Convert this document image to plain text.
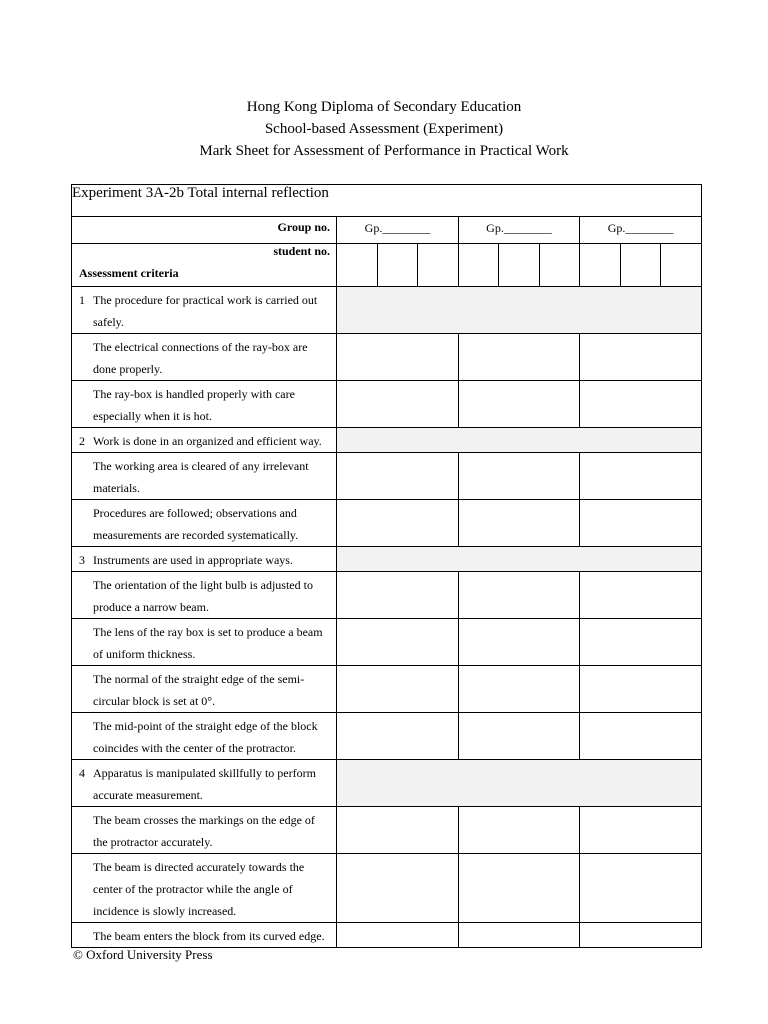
Hong Kong Diploma of Secondary Education
School-based Assessment (Experiment)
Mark Sheet for Assessment of Performance in Practical Work
Experiment 3A-2b Total internal reflection									
Group no.	Gp.________			Gp.________			Gp.________		

student no.
Assessment criteria									

1 The procedure for practical work is carried out safely.									
The electrical connections of the ray-box are done properly.									
The ray-box is handled properly with care especially when it is hot.									

2 Work is done in an organized and efficient way.									
The working area is cleared of any irrelevant materials.									
Procedures are followed; observations and measurements are recorded systematically.									

3 Instruments are used in appropriate ways.									
The orientation of the light bulb is adjusted to produce a narrow beam.									
The lens of the ray box is set to produce a beam of uniform thickness.									
The normal of the straight edge of the semi-circular block is set at 0°.									
The mid-point of the straight edge of the block coincides with the center of the protractor.									

4 Apparatus is manipulated skillfully to perform accurate measurement.									
The beam crosses the markings on the edge of the protractor accurately.									
The beam is directed accurately towards the center of the protractor while the angle of incidence is slowly increased.									
The beam enters the block from its curved edge.									
© Oxford University Press
